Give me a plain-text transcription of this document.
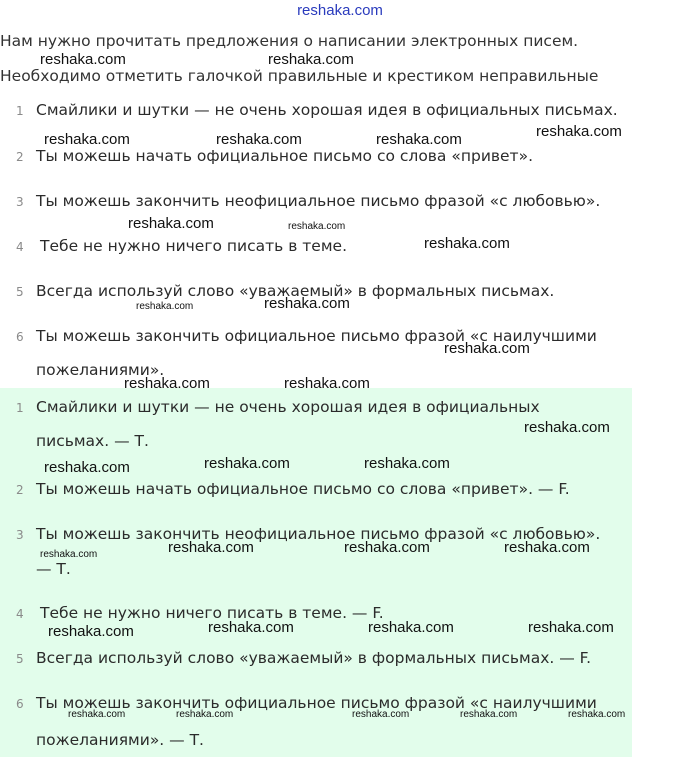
reshaka.com
Нам нужно прочитать предложения о написании электронных писем.
Необходимо отметить галочкой правильные и крестиком неправильные
1 Смайлики и шутки — не очень хорошая идея в официальных письмах.
2 Ты можешь начать официальное письмо со слова «привет».
3 Ты можешь закончить неофициальное письмо фразой «с любовью».
4 Тебе не нужно ничего писать в теме.
5 Всегда используй слово «уважаемый» в формальных письмах.
6 Ты можешь закончить официальное письмо фразой «с наилучшими
пожеланиями».
1 Смайлики и шутки — не очень хорошая идея в официальных
письмах. — Т.
2 Ты можешь начать официальное письмо со слова «привет». — F.
3 Ты можешь закончить неофициальное письмо фразой «с любовью».
— Т.
4 Тебе не нужно ничего писать в теме. — F.
5 Всегда используй слово «уважаемый» в формальных письмах. — F.
6 Ты можешь закончить официальное письмо фразой «с наилучшими
пожеланиями». — Т.
reshaka.com	reshaka.com
reshaka.com	reshaka.com	reshaka.com	reshaka.com
reshaka.com	reshaka.com
reshaka.com
reshaka.com	reshaka.com
reshaka.com
reshaka.com	reshaka.com
reshaka.com
reshaka.com	reshaka.com	reshaka.com
reshaka.com	reshaka.com	reshaka.com	reshaka.com
reshaka.com	reshaka.com	reshaka.com	reshaka.com
reshaka.com	reshaka.com	reshaka.com	reshaka.com	reshaka.com
